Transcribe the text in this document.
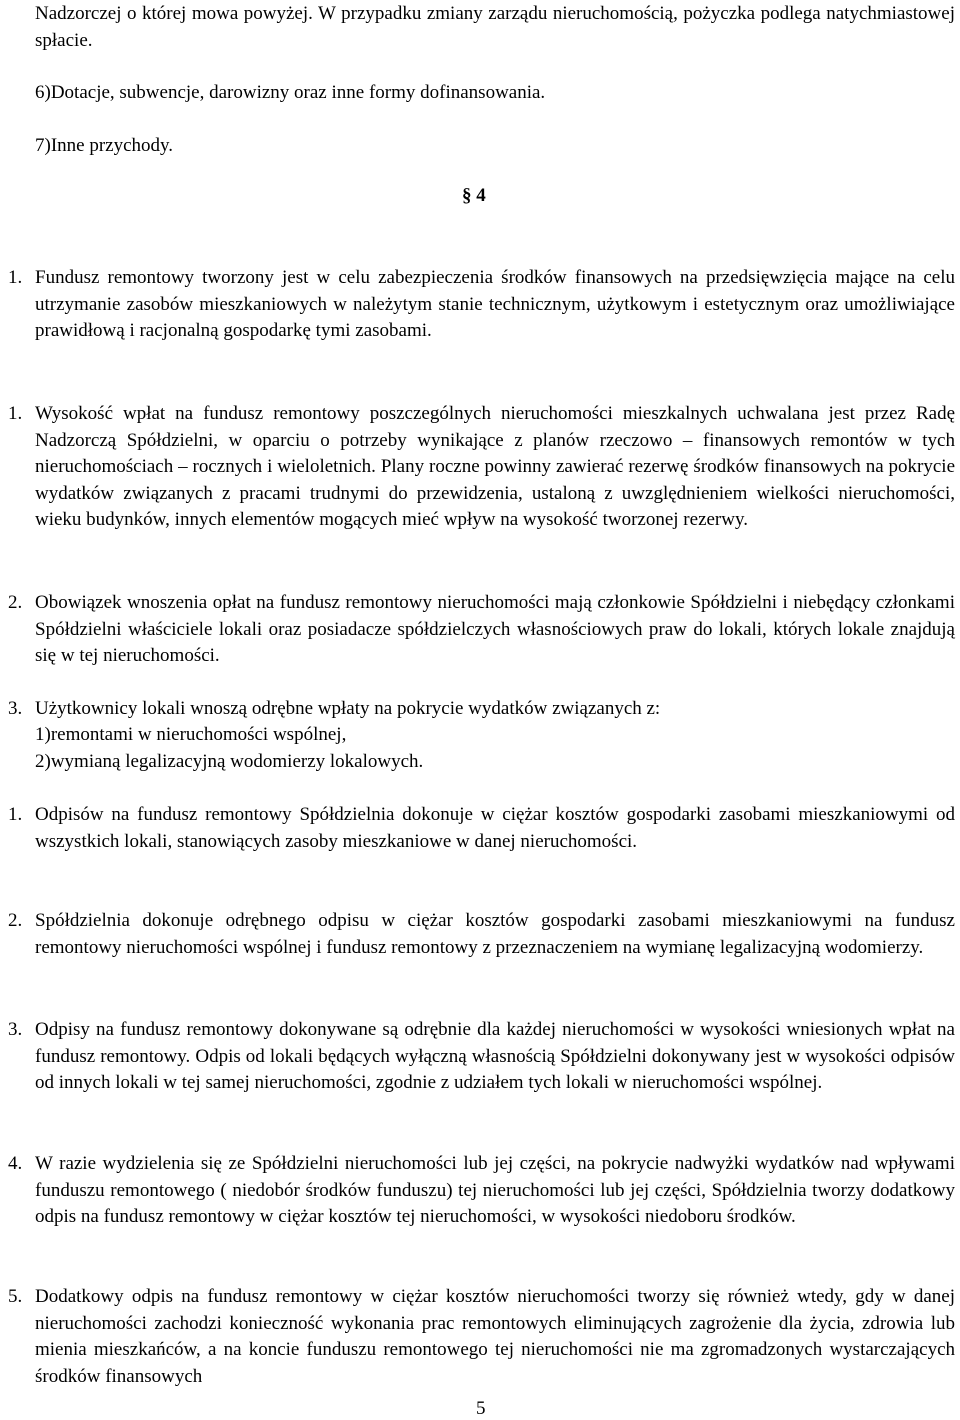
Nadzorczej o której mowa powyżej. W przypadku zmiany zarządu nieruchomością, pożyczka podlega natychmiastowej spłacie.

6)Dotacje, subwencje, darowizny oraz inne formy dofinansowania.

7)Inne przychody.

§ 4

1. Fundusz remontowy tworzony jest w celu zabezpieczenia środków finansowych na przedsięwzięcia mające na celu utrzymanie zasobów mieszkaniowych w należytym stanie technicznym, użytkowym i estetycznym oraz umożliwiające prawidłową i racjonalną gospodarkę tymi zasobami.
1. Wysokość wpłat na fundusz remontowy poszczególnych nieruchomości mieszkalnych uchwalana jest przez Radę Nadzorczą Spółdzielni, w oparciu o potrzeby wynikające z planów rzeczowo – finansowych remontów w tych nieruchomościach – rocznych i wieloletnich. Plany roczne powinny zawierać rezerwę środków finansowych na pokrycie wydatków związanych z pracami trudnymi do przewidzenia, ustaloną z uwzględnieniem wielkości nieruchomości, wieku budynków, innych elementów mogących mieć wpływ na wysokość tworzonej rezerwy.
2. Obowiązek wnoszenia opłat na fundusz remontowy nieruchomości mają członkowie Spółdzielni i niebędący członkami Spółdzielni właściciele lokali oraz posiadacze spółdzielczych własnościowych praw do lokali, których lokale znajdują się w tej nieruchomości.
3. Użytkownicy lokali wnoszą odrębne wpłaty na pokrycie wydatków związanych z:

1)remontami w nieruchomości wspólnej,

2)wymianą legalizacyjną wodomierzy lokalowych.

1. Odpisów na fundusz remontowy Spółdzielnia dokonuje w ciężar kosztów gospodarki zasobami mieszkaniowymi od wszystkich lokali, stanowiących zasoby mieszkaniowe w danej nieruchomości.
2. Spółdzielnia dokonuje odrębnego odpisu w ciężar kosztów gospodarki zasobami mieszkaniowymi na fundusz remontowy nieruchomości wspólnej i fundusz remontowy z przeznaczeniem na wymianę legalizacyjną wodomierzy.
3. Odpisy na fundusz remontowy dokonywane są odrębnie dla każdej nieruchomości w wysokości wniesionych wpłat na fundusz remontowy. Odpis od lokali będących wyłączną własnością Spółdzielni dokonywany jest w wysokości odpisów od innych lokali w tej samej nieruchomości, zgodnie z udziałem tych lokali w nieruchomości wspólnej.
4. W razie wydzielenia się ze Spółdzielni nieruchomości lub jej części, na pokrycie nadwyżki wydatków nad wpływami funduszu remontowego ( niedobór środków funduszu) tej nieruchomości lub jej części, Spółdzielnia tworzy dodatkowy odpis na fundusz remontowy w ciężar kosztów tej nieruchomości, w wysokości niedoboru środków.
5. Dodatkowy odpis na fundusz remontowy w ciężar kosztów nieruchomości tworzy się również wtedy, gdy w danej nieruchomości zachodzi konieczność wykonania prac remontowych eliminujących zagrożenie dla życia, zdrowia lub mienia mieszkańców, a na koncie funduszu remontowego tej nieruchomości nie ma zgromadzonych wystarczających środków finansowych

5
